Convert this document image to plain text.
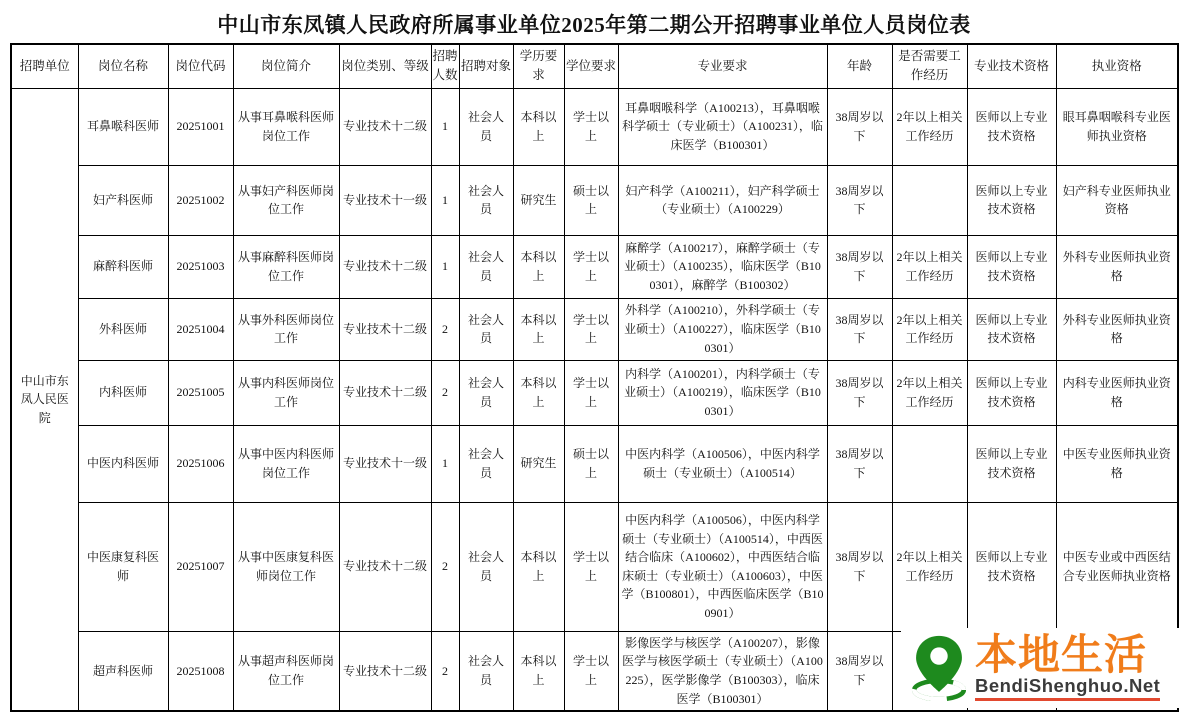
中山市东凤镇人民政府所属事业单位2025年第二期公开招聘事业单位人员岗位表
招聘单位	岗位名称	岗位代码	岗位简介	岗位类别、等级	招聘人数	招聘对象	学历要求	学位要求	专业要求	年龄	是否需要工作经历	专业技术资格	执业资格
中山市东凤人民医院	耳鼻喉科医师	20251001	从事耳鼻喉科医师岗位工作	专业技术十二级	1	社会人员	本科以上	学士以上	耳鼻咽喉科学（A100213），耳鼻咽喉科学硕士（专业硕士）（A100231），临床医学（B100301）	38周岁以下	2年以上相关工作经历	医师以上专业技术资格	眼耳鼻咽喉科专业医师执业资格
	妇产科医师	20251002	从事妇产科医师岗位工作	专业技术十一级	1	社会人员	研究生	硕士以上	妇产科学（A100211），妇产科学硕士（专业硕士）（A100229）	38周岁以下		医师以上专业技术资格	妇产科专业医师执业资格
	麻醉科医师	20251003	从事麻醉科医师岗位工作	专业技术十二级	1	社会人员	本科以上	学士以上	麻醉学（A100217），麻醉学硕士（专业硕士）（A100235），临床医学（B100301），麻醉学（B100302）	38周岁以下	2年以上相关工作经历	医师以上专业技术资格	外科专业医师执业资格
	外科医师	20251004	从事外科医师岗位工作	专业技术十二级	2	社会人员	本科以上	学士以上	外科学（A100210），外科学硕士（专业硕士）（A100227），临床医学（B100301）	38周岁以下	2年以上相关工作经历	医师以上专业技术资格	外科专业医师执业资格
	内科医师	20251005	从事内科医师岗位工作	专业技术十二级	2	社会人员	本科以上	学士以上	内科学（A100201），内科学硕士（专业硕士）（A100219），临床医学（B100301）	38周岁以下	2年以上相关工作经历	医师以上专业技术资格	内科专业医师执业资格
	中医内科医师	20251006	从事中医内科医师岗位工作	专业技术十一级	1	社会人员	研究生	硕士以上	中医内科学（A100506），中医内科学硕士（专业硕士）（A100514）	38周岁以下		医师以上专业技术资格	中医专业医师执业资格
	中医康复科医师	20251007	从事中医康复科医师岗位工作	专业技术十二级	2	社会人员	本科以上	学士以上	中医内科学（A100506），中医内科学硕士（专业硕士）（A100514），中西医结合临床（A100602），中西医结合临床硕士（专业硕士）（A100603），中医学（B100801），中西医临床医学（B100901）	38周岁以下	2年以上相关工作经历	医师以上专业技术资格	中医专业或中西医结合专业医师执业资格
	超声科医师	20251008	从事超声科医师岗位工作	专业技术十二级	2	社会人员	本科以上	学士以上	影像医学与核医学（A100207），影像医学与核医学硕士（专业硕士）（A100225），医学影像学（B100303），临床医学（B100301）	38周岁以下			
本地生活
BendiShenghuo.Net
